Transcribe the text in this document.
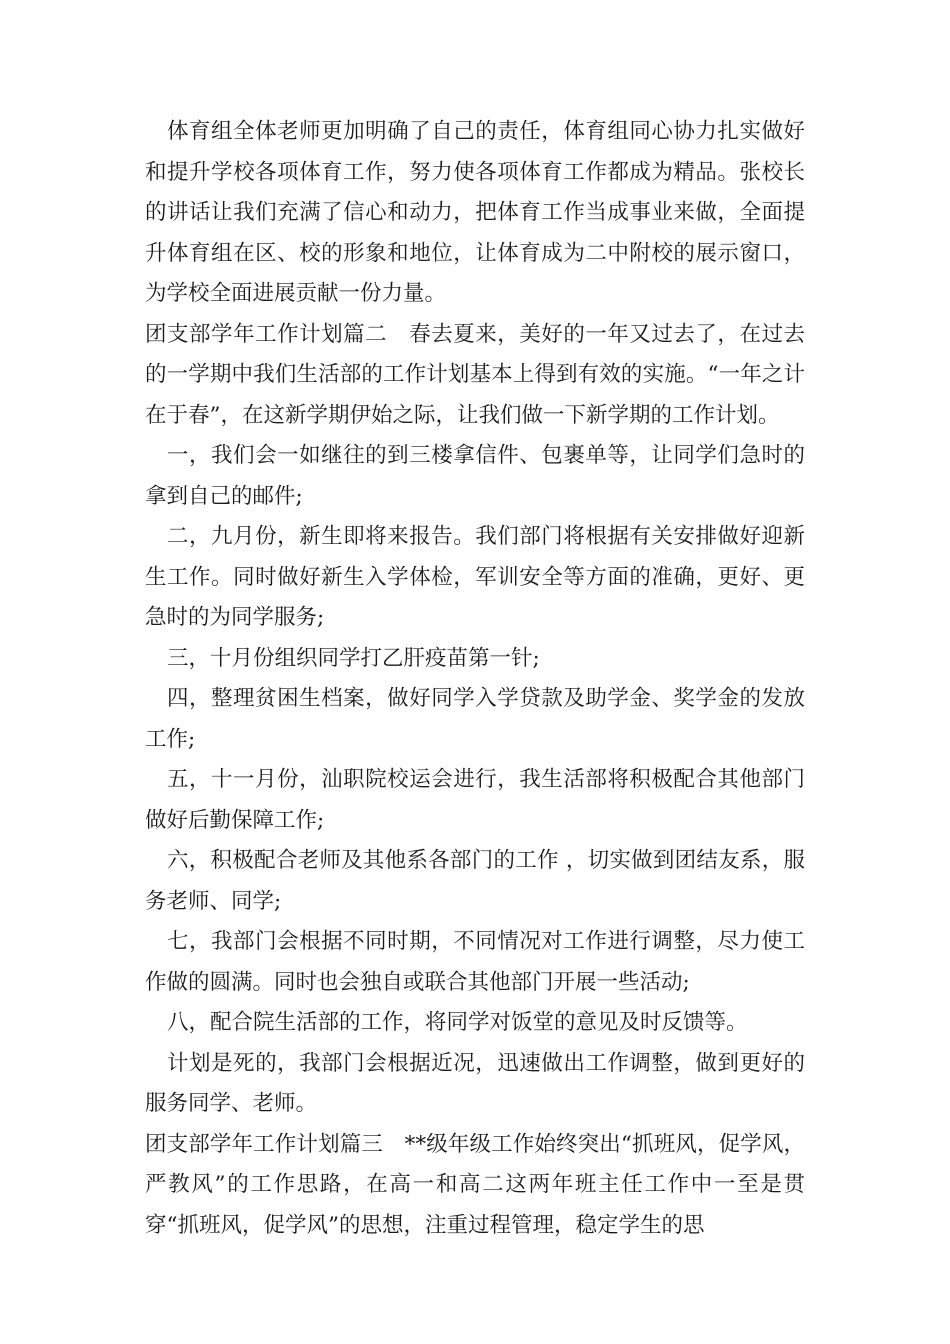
体育组全体老师更加明确了自己的责任，体育组同心协力扎实做好和提升学校各项体育工作，努力使各项体育工作都成为精品。张校长的讲话让我们充满了信心和动力，把体育工作当成事业来做，全面提升体育组在区、校的形象和地位，让体育成为二中附校的展示窗口，为学校全面进展贡献一份力量。

团支部学年工作计划篇二　春去夏来，美好的一年又过去了，在过去的一学期中我们生活部的工作计划基本上得到有效的实施。“一年之计在于春”，在这新学期伊始之际，让我们做一下新学期的工作计划。

一，我们会一如继往的到三楼拿信件、包裹单等，让同学们急时的拿到自己的邮件;

二，九月份，新生即将来报告。我们部门将根据有关安排做好迎新生工作。同时做好新生入学体检，军训安全等方面的准确，更好、更急时的为同学服务;

三，十月份组织同学打乙肝疫苗第一针;

四，整理贫困生档案，做好同学入学贷款及助学金、奖学金的发放工作;

五，十一月份，汕职院校运会进行，我生活部将积极配合其他部门做好后勤保障工作;

六，积极配合老师及其他系各部门的工作 ，切实做到团结友系，服务老师、同学;

七，我部门会根据不同时期，不同情况对工作进行调整，尽力使工作做的圆满。同时也会独自或联合其他部门开展一些活动;

八，配合院生活部的工作，将同学对饭堂的意见及时反馈等。

计划是死的，我部门会根据近况，迅速做出工作调整，做到更好的服务同学、老师。

团支部学年工作计划篇三　**级年级工作始终突出“抓班风，促学风，严教风”的工作思路，在高一和高二这两年班主任工作中一至是贯穿“抓班风，促学风”的思想，注重过程管理，稳定学生的思
